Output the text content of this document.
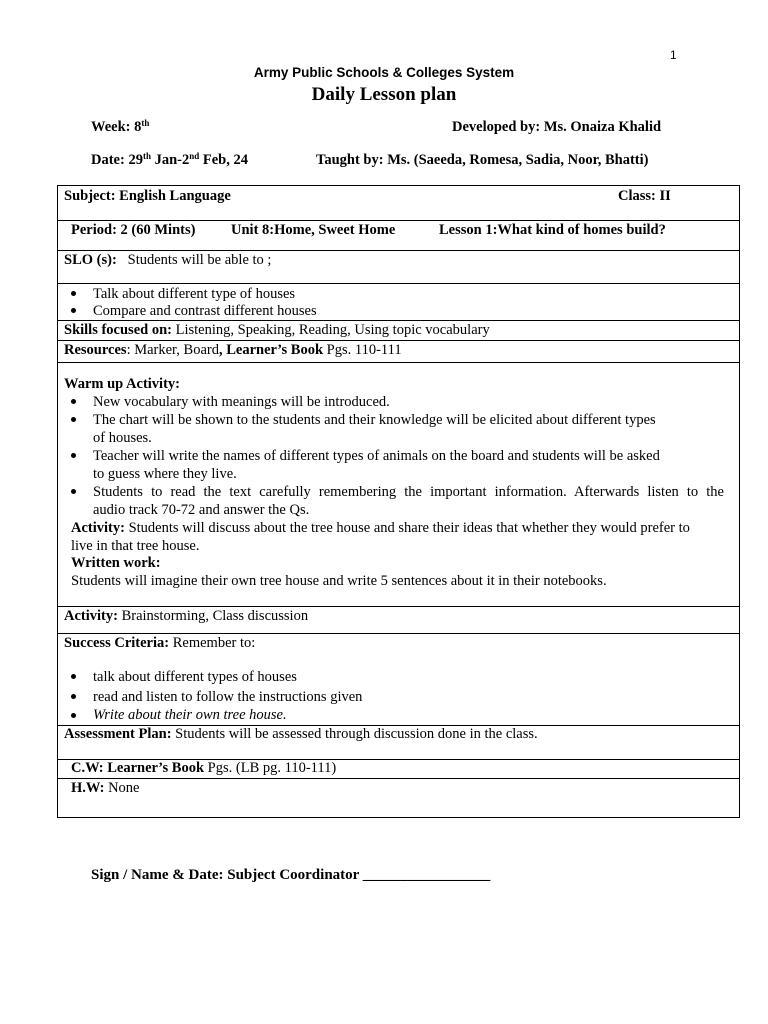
1
Army Public Schools & Colleges System
Daily Lesson plan
Week: 8th	Developed by: Ms. Onaiza Khalid
Date: 29th Jan-2nd Feb, 24	Taught by: Ms. (Saeeda, Romesa, Sadia, Noor, Bhatti)
Subject: English Language	Class: II
Period: 2 (60 Mints) Unit 8:Home, Sweet Home	Lesson 1:What kind of homes build?
SLO (s): Students will be able to ;
Talk about different type of houses
Compare and contrast different houses
Skills focused on: Listening, Speaking, Reading, Using topic vocabulary
Resources: Marker, Board, Learner’s Book Pgs. 110-111
Warm up Activity:
New vocabulary with meanings will be introduced.
The chart will be shown to the students and their knowledge will be elicited about different types
of houses.
Teacher will write the names of different types of animals on the board and students will be asked
to guess where they live.
Students to read the text carefully remembering the important information. Afterwards listen to the
audio track 70-72 and answer the Qs.
Activity: Students will discuss about the tree house and share their ideas that whether they would prefer to
live in that tree house.
Written work:
Students will imagine their own tree house and write 5 sentences about it in their notebooks.
Activity: Brainstorming, Class discussion
Success Criteria: Remember to:
talk about different types of houses
read and listen to follow the instructions given
Write about their own tree house.
Assessment Plan: Students will be assessed through discussion done in the class.
C.W: Learner’s Book Pgs. (LB pg. 110-111)
H.W: None
Sign / Name & Date: Subject Coordinator _________________
